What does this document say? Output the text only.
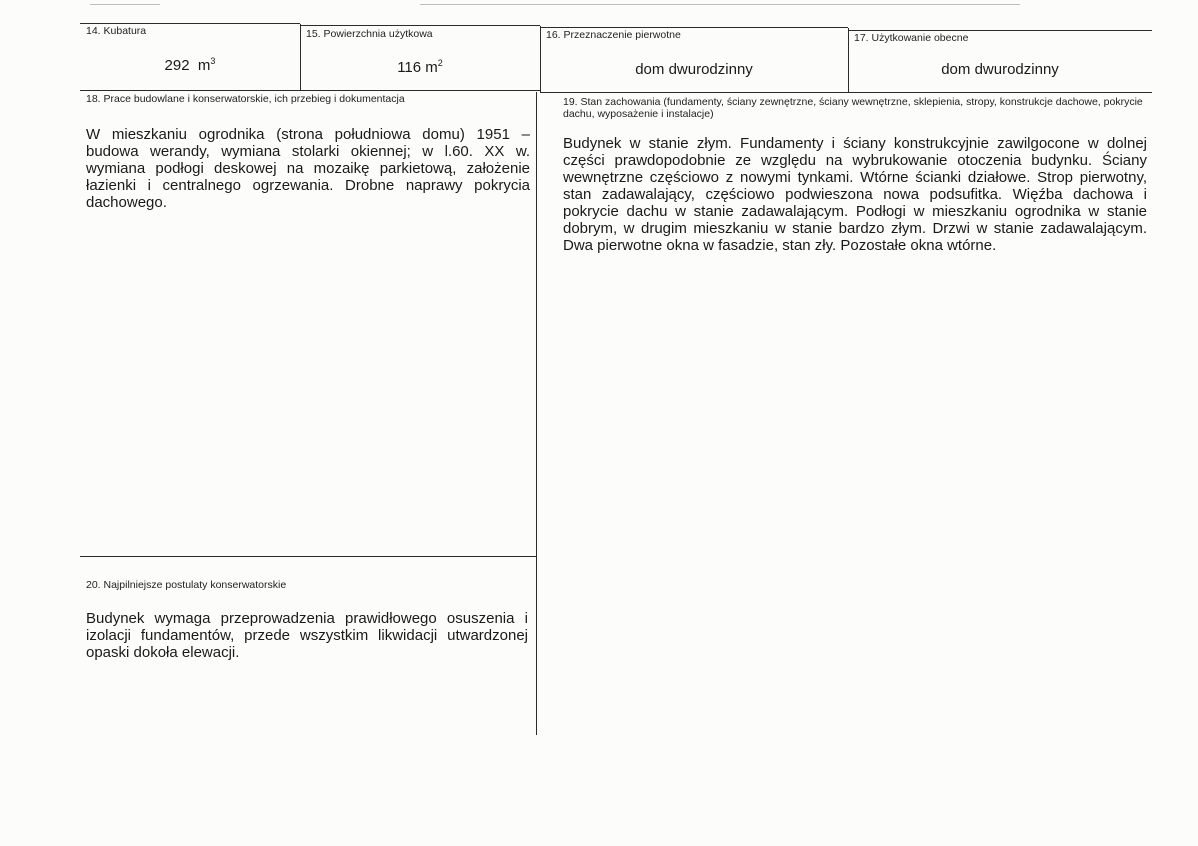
14. Kubatura
292 $m^3$
15. Powierzchnia użytkowa
116 $m^2$
16. Przeznaczenie pierwotne
dom dwurodzinny
17. Użytkowanie obecne
dom dwurodzinny
18. Prace budowlane i konserwatorskie, ich przebieg i dokumentacja
W mieszkaniu ogrodnika (strona południowa domu) 1951 – budowa werandy, wymiana stolarki okiennej; w l.60. XX w. wymiana podłogi deskowej na mozaikę parkietową, założenie łazienki i centralnego ogrzewania. Drobne naprawy pokrycia dachowego.
19. Stan zachowania (fundamenty, ściany zewnętrzne, ściany wewnętrzne, sklepienia, stropy, konstrukcje dachowe, pokrycie dachu, wyposażenie i instalacje)
Budynek w stanie złym. Fundamenty i ściany konstrukcyjnie zawilgocone w dolnej części prawdopodobnie ze względu na wybrukowanie otoczenia budynku. Ściany wewnętrzne częściowo z nowymi tynkami. Wtórne ścianki działowe. Strop pierwotny, stan zadawalający, częściowo podwieszona nowa podsufitka. Więźba dachowa i pokrycie dachu w stanie zadawalającym. Podłogi w mieszkaniu ogrodnika w stanie dobrym, w drugim mieszkaniu w stanie bardzo złym. Drzwi w stanie zadawalającym. Dwa pierwotne okna w fasadzie, stan zły. Pozostałe okna wtórne.
20. Najpilniejsze postulaty konserwatorskie
Budynek wymaga przeprowadzenia prawidłowego osuszenia i izolacji fundamentów, przede wszystkim likwidacji utwardzonej opaski dokoła elewacji.
